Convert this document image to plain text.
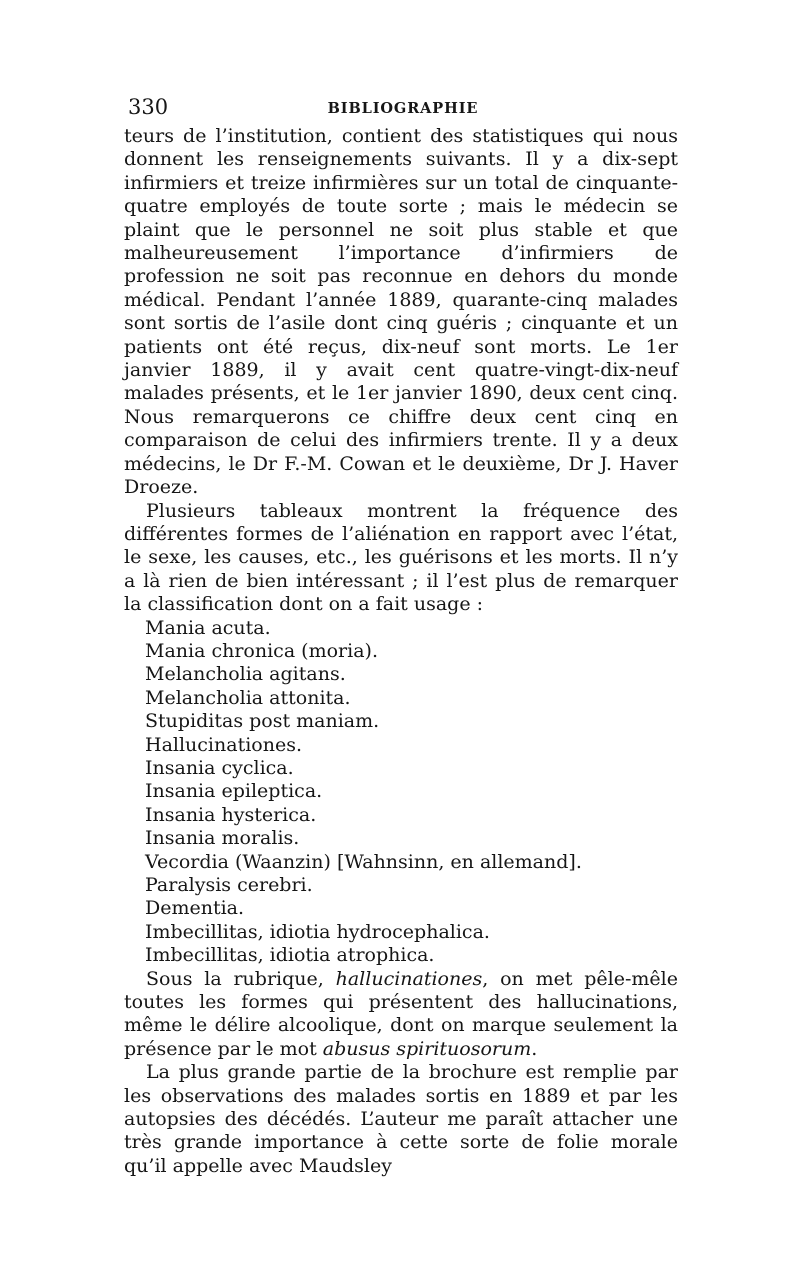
330	BIBLIOGRAPHIE

teurs de l’institution, contient des statistiques qui nous donnent les renseignements suivants. Il y a dix-sept infirmiers et treize infirmières sur un total de cinquante-quatre employés de toute sorte ; mais le médecin se plaint que le personnel ne soit plus stable et que malheureusement l’importance d’infirmiers de profession ne soit pas reconnue en dehors du monde médical. Pendant l’année 1889, quarante-cinq malades sont sortis de l’asile dont cinq guéris ; cinquante et un patients ont été reçus, dix-neuf sont morts. Le 1er janvier 1889, il y avait cent quatre-vingt-dix-neuf malades présents, et le 1er janvier 1890, deux cent cinq. Nous remarquerons ce chiffre deux cent cinq en comparaison de celui des infirmiers trente. Il y a deux médecins, le Dr F.-M. Cowan et le deuxième, Dr J. Haver Droeze.

Plusieurs tableaux montrent la fréquence des différentes formes de l’aliénation en rapport avec l’état, le sexe, les causes, etc., les guérisons et les morts. Il n’y a là rien de bien intéressant ; il l’est plus de remarquer la classification dont on a fait usage :

Mania acuta.
Mania chronica (moria).
Melancholia agitans.
Melancholia attonita.
Stupiditas post maniam.
Hallucinationes.
Insania cyclica.
Insania epileptica.
Insania hysterica.
Insania moralis.
Vecordia (Waanzin) [Wahnsinn, en allemand].
Paralysis cerebri.
Dementia.
Imbecillitas, idiotia hydrocephalica.
Imbecillitas, idiotia atrophica.

Sous la rubrique, hallucinationes, on met pêle-mêle toutes les formes qui présentent des hallucinations, même le délire alcoolique, dont on marque seulement la présence par le mot abusus spirituosorum.

La plus grande partie de la brochure est remplie par les observations des malades sortis en 1889 et par les autopsies des décédés. L’auteur me paraît attacher une très grande importance à cette sorte de folie morale qu’il appelle avec Maudsley
